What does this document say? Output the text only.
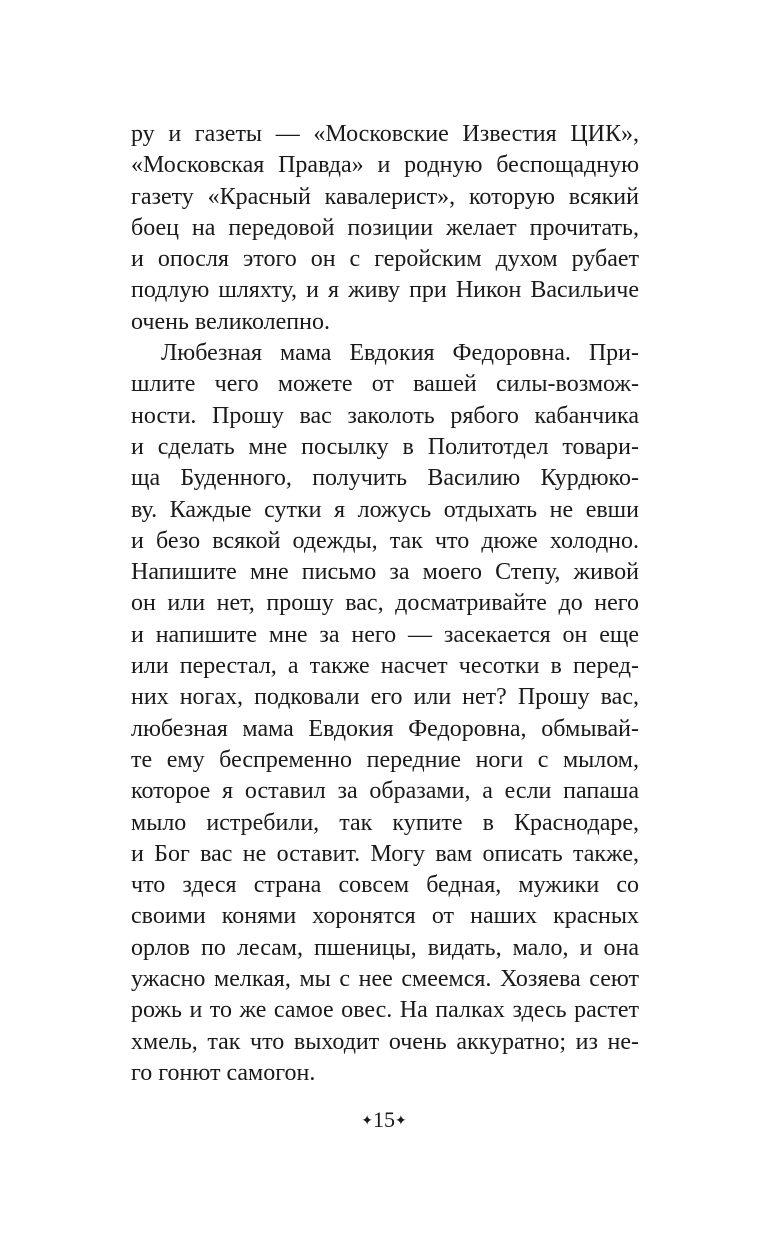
ру и газеты — «Московские Известия ЦИК»,
«Московская Правда» и родную беспощадную
газету «Красный кавалерист», которую всякий
боец на передовой позиции желает прочитать,
и опосля этого он с геройским духом рубает
подлую шляхту, и я живу при Никон Васильиче
очень великолепно.
Любезная мама Евдокия Федоровна. При-
шлите чего можете от вашей силы-возмож-
ности. Прошу вас заколоть рябого кабанчика
и сделать мне посылку в Политотдел товари-
ща Буденного, получить Василию Курдюко-
ву. Каждые сутки я ложусь отдыхать не евши
и безо всякой одежды, так что дюже холодно.
Напишите мне письмо за моего Степу, живой
он или нет, прошу вас, досматривайте до него
и напишите мне за него — засекается он еще
или перестал, а также насчет чесотки в перед-
них ногах, подковали его или нет? Прошу вас,
любезная мама Евдокия Федоровна, обмывай-
те ему беспременно передние ноги с мылом,
которое я оставил за образами, а если папаша
мыло истребили, так купите в Краснодаре,
и Бог вас не оставит. Могу вам описать также,
что здеся страна совсем бедная, мужики со
своими конями хоронятся от наших красных
орлов по лесам, пшеницы, видать, мало, и она
ужасно мелкая, мы с нее смеемся. Хозяева сеют
рожь и то же самое овес. На палках здесь растет
хмель, так что выходит очень аккуратно; из не-
го гонют самогон.
✦15✦
